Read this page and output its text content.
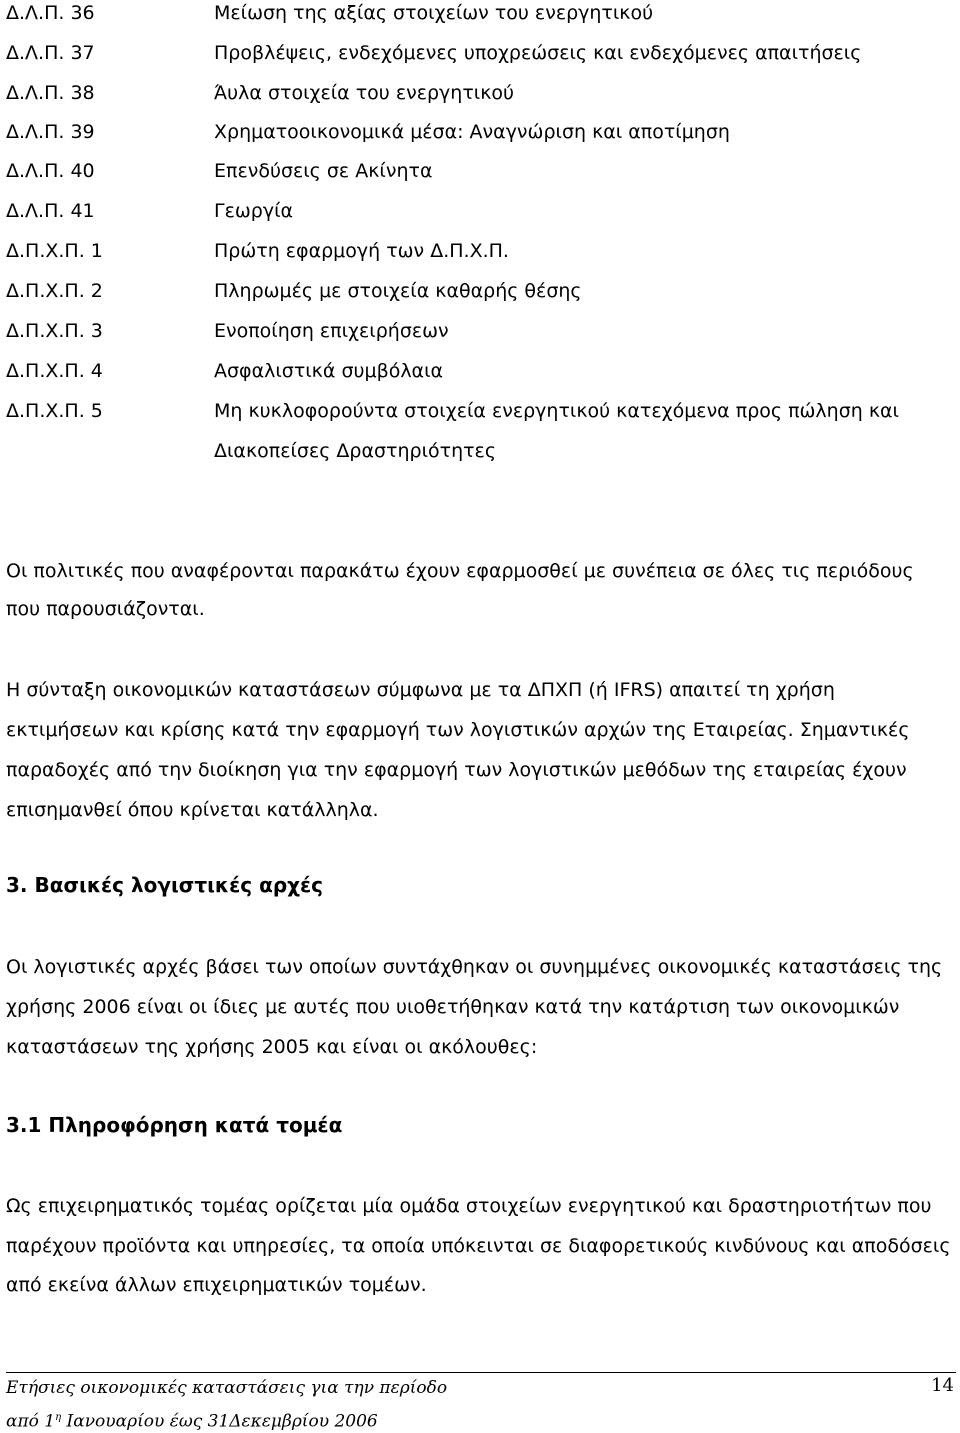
Δ.Λ.Π. 36	Μείωση της αξίας στοιχείων του ενεργητικού
Δ.Λ.Π. 37	Προβλέψεις, ενδεχόμενες υποχρεώσεις και ενδεχόμενες απαιτήσεις
Δ.Λ.Π. 38	Άυλα στοιχεία του ενεργητικού
Δ.Λ.Π. 39	Χρηματοοικονομικά μέσα: Αναγνώριση και αποτίμηση
Δ.Λ.Π. 40	Επενδύσεις σε Ακίνητα
Δ.Λ.Π. 41	Γεωργία
Δ.Π.Χ.Π. 1	Πρώτη εφαρμογή των Δ.Π.Χ.Π.
Δ.Π.Χ.Π. 2	Πληρωμές με στοιχεία καθαρής θέσης
Δ.Π.Χ.Π. 3	Ενοποίηση επιχειρήσεων
Δ.Π.Χ.Π. 4	Ασφαλιστικά συμβόλαια
Δ.Π.Χ.Π. 5	Μη κυκλοφορούντα στοιχεία ενεργητικού κατεχόμενα προς πώληση και
Διακοπείσες Δραστηριότητες
Οι πολιτικές που αναφέρονται παρακάτω έχουν εφαρμοσθεί με συνέπεια σε όλες τις περιόδους
που παρουσιάζονται.
Η σύνταξη οικονομικών καταστάσεων σύμφωνα με τα ΔΠΧΠ (ή IFRS) απαιτεί τη χρήση
εκτιμήσεων και κρίσης κατά την εφαρμογή των λογιστικών αρχών της Εταιρείας. Σημαντικές
παραδοχές από την διοίκηση για την εφαρμογή των λογιστικών μεθόδων της εταιρείας έχουν
επισημανθεί όπου κρίνεται κατάλληλα.
3. Βασικές λογιστικές αρχές
Οι λογιστικές αρχές βάσει των οποίων συντάχθηκαν οι συνημμένες οικονομικές καταστάσεις της
χρήσης 2006 είναι οι ίδιες με αυτές που υιοθετήθηκαν κατά την κατάρτιση των οικονομικών
καταστάσεων της χρήσης 2005 και είναι οι ακόλουθες:
3.1 Πληροφόρηση κατά τομέα
Ως επιχειρηματικός τομέας ορίζεται μία ομάδα στοιχείων ενεργητικού και δραστηριοτήτων που
παρέχουν προϊόντα και υπηρεσίες, τα οποία υπόκεινται σε διαφορετικούς κινδύνους και αποδόσεις
από εκείνα άλλων επιχειρηματικών τομέων.
Ετήσιες οικονομικές καταστάσεις για την περίοδο	14
από $1^\eta$ Ιανουαρίου έως 31Δεκεμβρίου 2006
